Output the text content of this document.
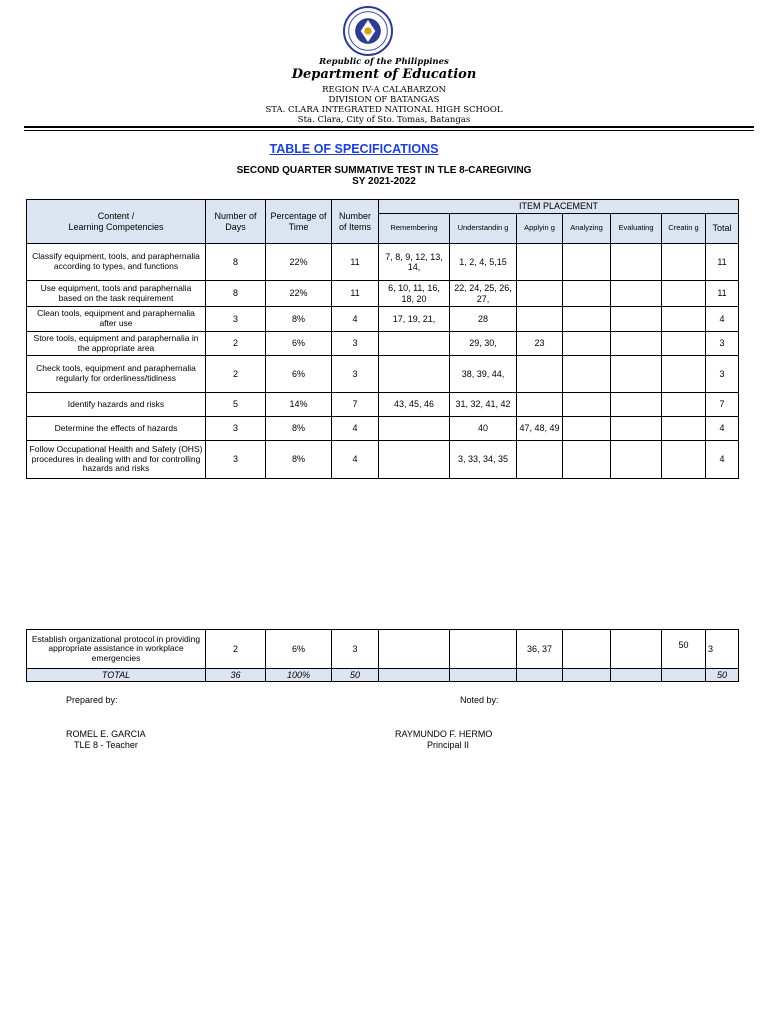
Republic of the Philippines
Department of Education
REGION IV-A CALABARZON
DIVISION OF BATANGAS
STA. CLARA INTEGRATED NATIONAL HIGH SCHOOL
Sta. Clara, City of Sto. Tomas, Batangas
TABLE OF SPECIFICATIONS
SECOND QUARTER SUMMATIVE TEST IN TLE 8-CAREGIVING
SY 2021-2022
Content /
Learning Competencies	Number of Days	Percentage of Time	Number of Items	ITEM PLACEMENT						
				Remembering	Understandin g	Applyin g	Analyzing	Evaluating	Creatin g	Total
Classify equipment, tools, and paraphernalia according to types, and functions	8	22%	11	7, 8, 9, 12, 13, 14,	1, 2, 4, 5,15					11
Use equipment, tools and paraphernalia based on the task requirement	8	22%	11	6, 10, 11, 16, 18, 20	22, 24, 25, 26, 27,					11
Clean tools, equipment and paraphernalia after use	3	8%	4	17, 19, 21,	28					4
Store tools, equipment and paraphernalia in the appropriate area	2	6%	3		29, 30,	23				3
Check tools, equipment and paraphernalia regularly for orderliness/tidiness	2	6%	3		38, 39, 44,					3
Identify hazards and risks	5	14%	7	43, 45, 46	31, 32, 41, 42					7
Determine the effects of hazards	3	8%	4		40	47, 48, 49				4
Follow Occupational Health and Safety (OHS) procedures in dealing with and for controlling hazards and risks	3	8%	4		3, 33, 34, 35					4
Establish organizational protocol in providing appropriate assistance in workplace emergencies	2	6%	3			36, 37			50	3
TOTAL	36	100%	50							50
Prepared by:	Noted by:
ROMEL E. GARCIA
TLE 8 - Teacher
RAYMUNDO F. HERMO
Principal II
